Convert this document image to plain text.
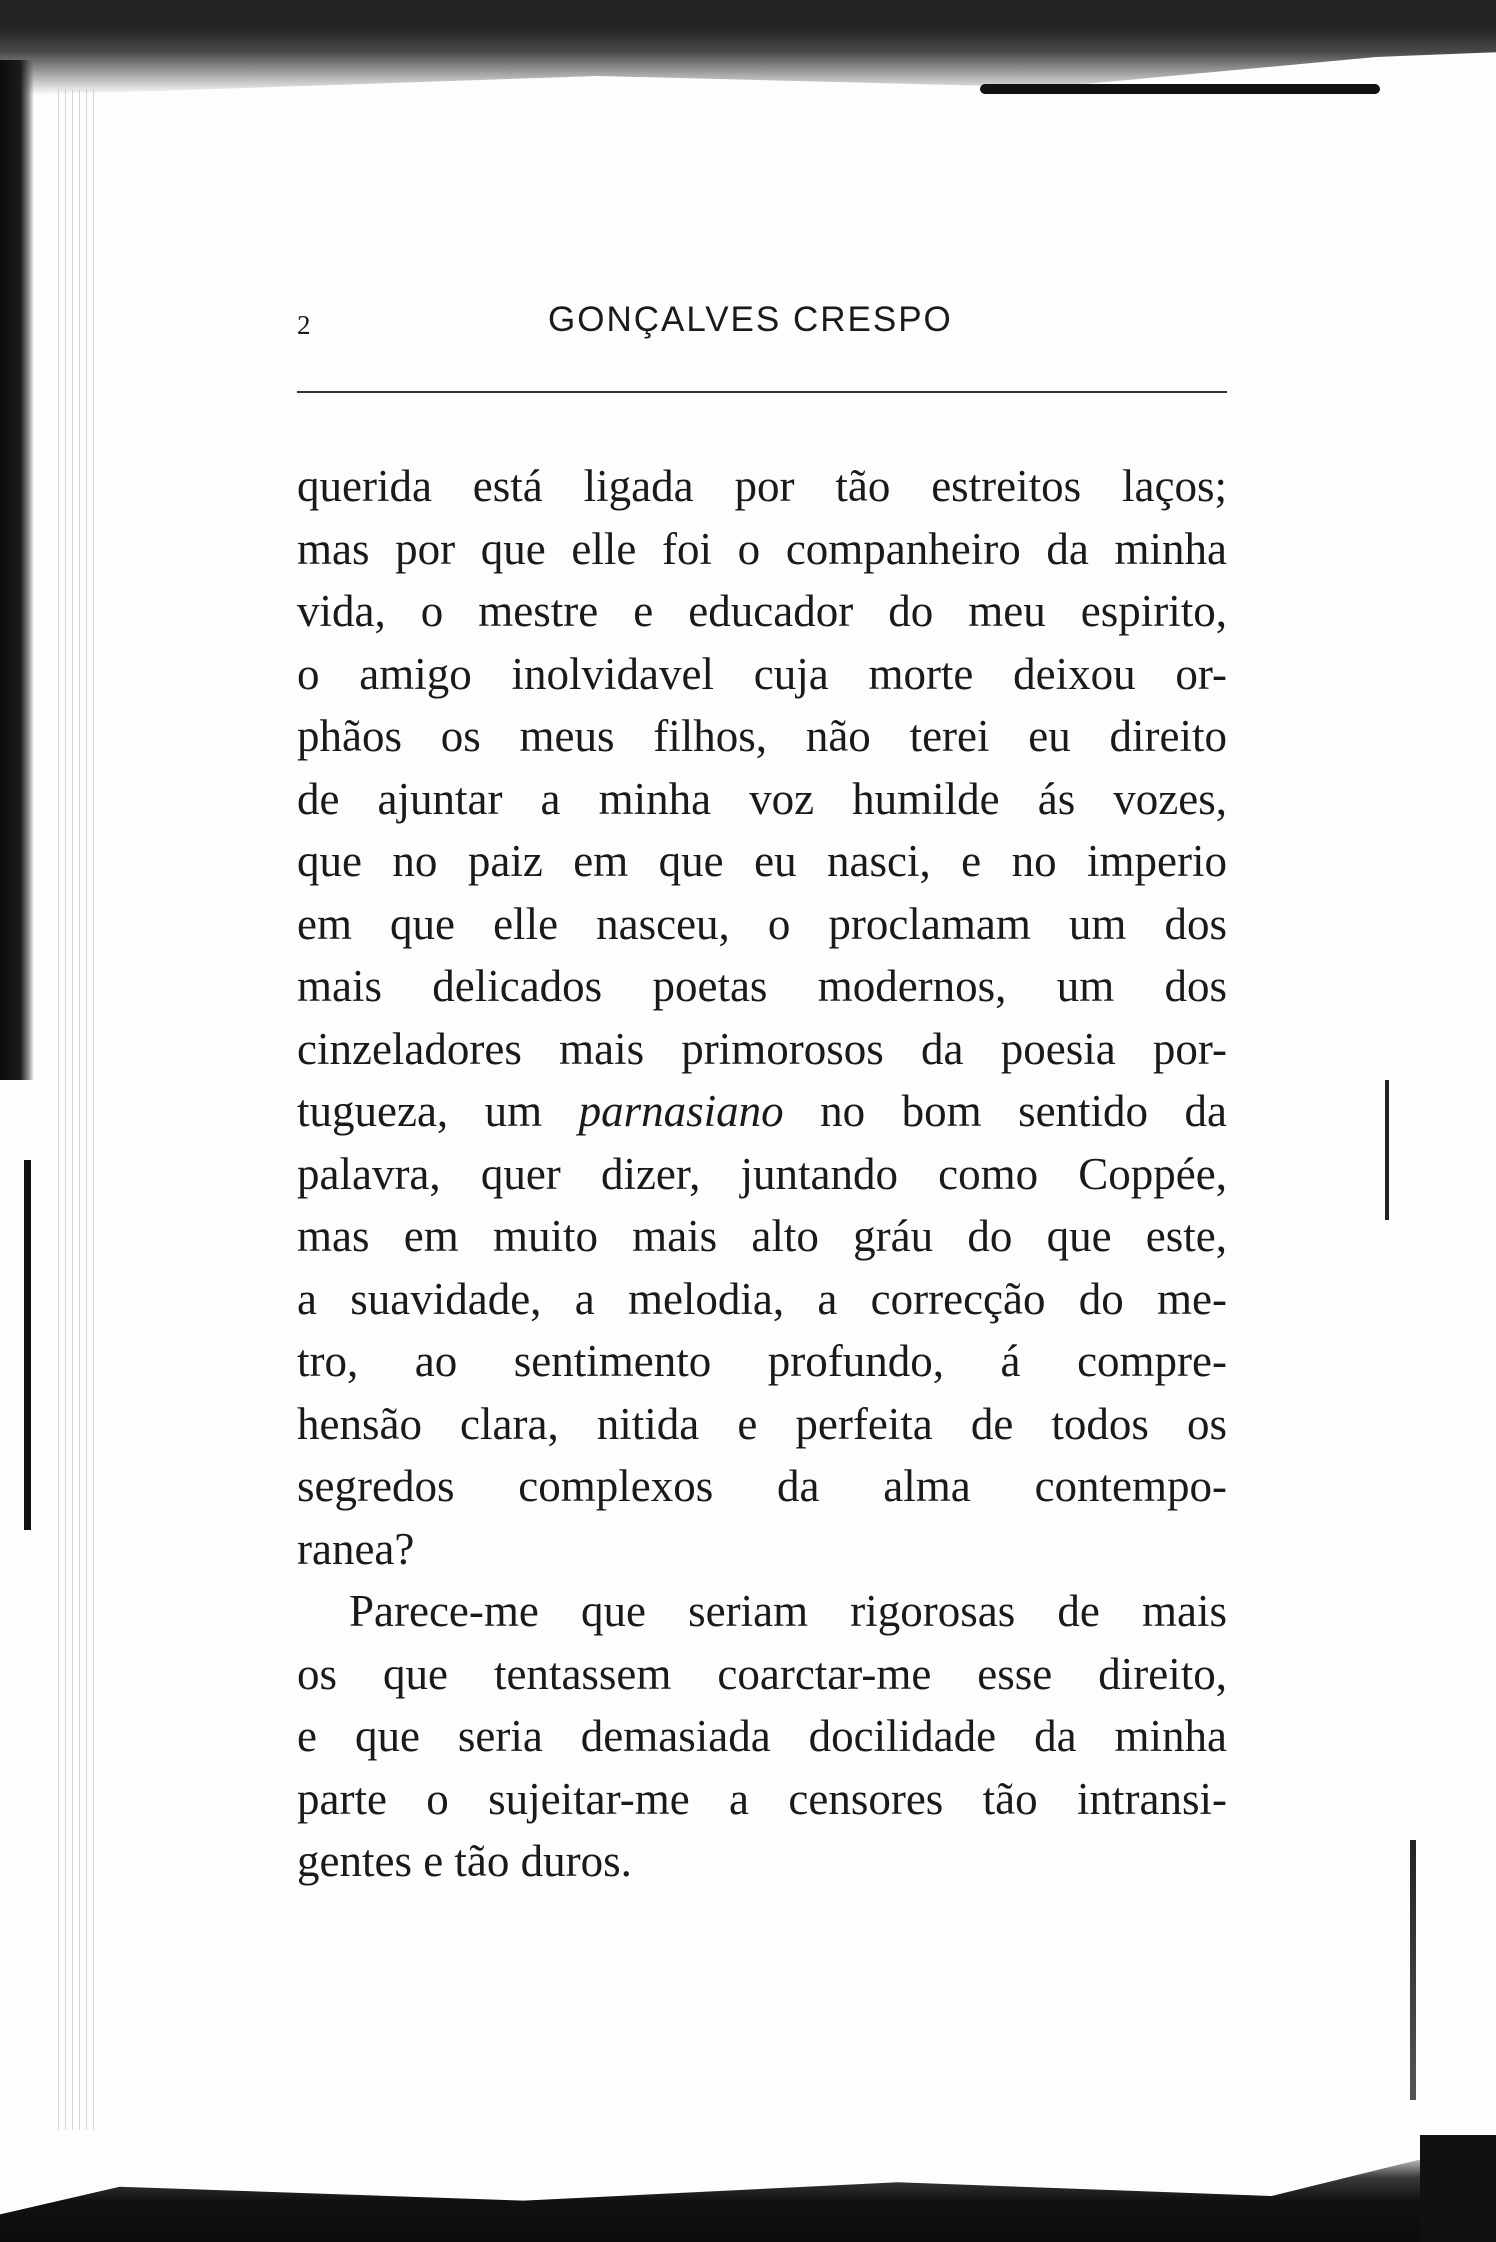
2	GONÇALVES CRESPO
querida está ligada por tão estreitos laços;
mas por que elle foi o companheiro da minha
vida, o mestre e educador do meu espirito,
o amigo inolvidavel cuja morte deixou or-
phãos os meus filhos, não terei eu direito
de ajuntar a minha voz humilde ás vozes,
que no paiz em que eu nasci, e no imperio
em que elle nasceu, o proclamam um dos
mais delicados poetas modernos, um dos
cinzeladores mais primorosos da poesia por-
tugueza, um parnasiano no bom sentido da
palavra, quer dizer, juntando como Coppée,
mas em muito mais alto gráu do que este,
a suavidade, a melodia, a correcção do me-
tro, ao sentimento profundo, á compre-
hensão clara, nitida e perfeita de todos os
segredos complexos da alma contempo-
ranea?
Parece-me que seriam rigorosas de mais
os que tentassem coarctar-me esse direito,
e que seria demasiada docilidade da minha
parte o sujeitar-me a censores tão intransi-
gentes e tão duros.
